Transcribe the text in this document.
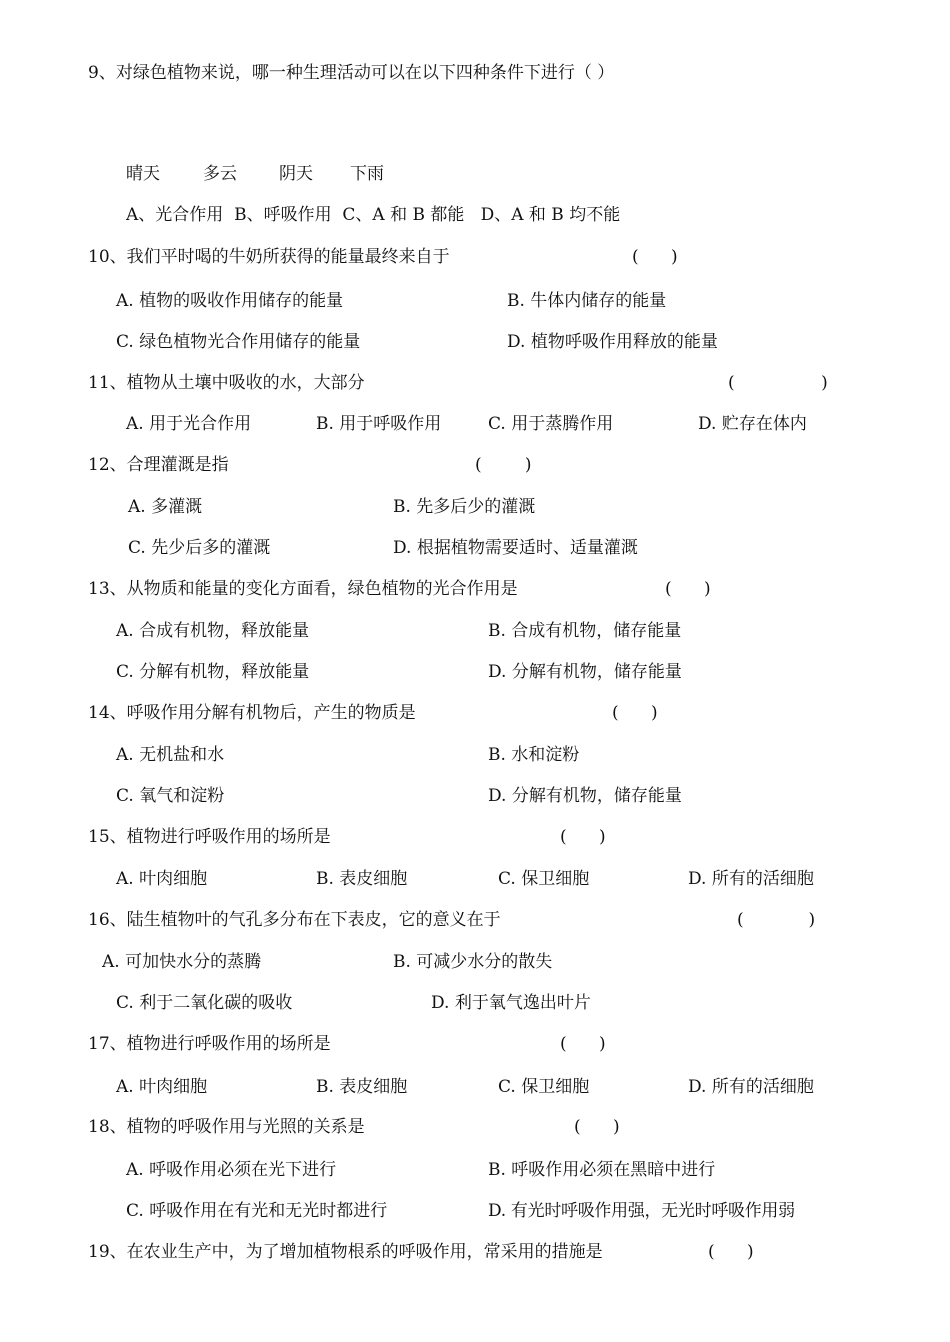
9、对绿色植物来说，哪一种生理活动可以在以下四种条件下进行（ ）
晴天	多云 阴天 下雨
A、光合作用  B、呼吸作用  C、A 和 B 都能   D、A 和 B 均不能
10、我们平时喝的牛奶所获得的能量最终来自于	(      )
A. 植物的吸收作用储存的能量	B. 牛体内储存的能量
C. 绿色植物光合作用储存的能量	D. 植物呼吸作用释放的能量
11、植物从土壤中吸收的水，大部分	(                )
A. 用于光合作用	B. 用于呼吸作用	C. 用于蒸腾作用	D. 贮存在体内
12、合理灌溉是指	(        )
A. 多灌溉	B. 先多后少的灌溉
C. 先少后多的灌溉	D. 根据植物需要适时、适量灌溉
13、从物质和能量的变化方面看，绿色植物的光合作用是	(      )
A. 合成有机物，释放能量	B. 合成有机物，储存能量
C. 分解有机物，释放能量	D. 分解有机物，储存能量
14、呼吸作用分解有机物后，产生的物质是	(      )
A. 无机盐和水	B. 水和淀粉
C. 氧气和淀粉	D. 分解有机物，储存能量
15、植物进行呼吸作用的场所是	(      )
A. 叶肉细胞	B. 表皮细胞	C. 保卫细胞	D. 所有的活细胞
16、陆生植物叶的气孔多分布在下表皮，它的意义在于	(            )
A. 可加快水分的蒸腾	B. 可减少水分的散失
C. 利于二氧化碳的吸收	D. 利于氧气逸出叶片
17、植物进行呼吸作用的场所是	(      )
A. 叶肉细胞	B. 表皮细胞	C. 保卫细胞	D. 所有的活细胞
18、植物的呼吸作用与光照的关系是	(      )
A. 呼吸作用必须在光下进行	B. 呼吸作用必须在黑暗中进行
C. 呼吸作用在有光和无光时都进行	D. 有光时呼吸作用强，无光时呼吸作用弱
19、在农业生产中，为了增加植物根系的呼吸作用，常采用的措施是	(      )
